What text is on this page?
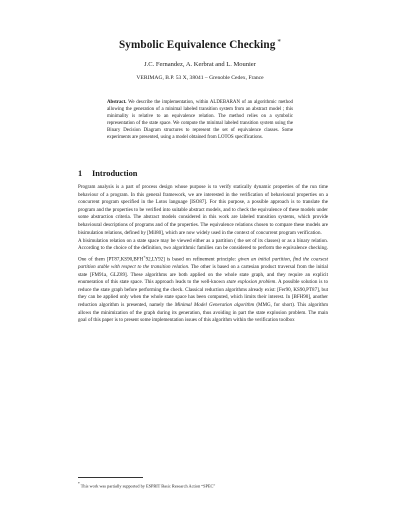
Symbolic Equivalence Checking *
J.C. Fernandez, A. Kerbrat and L. Mounier
VERIMAG, B.P. 53 X, 38041 – Grenoble Cedex, France
Abstract. We describe the implementation, within ALDEBARAN of an algorithmic method allowing the generation of a minimal labeled transition system from an abstract model ; this minimality is relative to an equivalence relation. The method relies on a symbolic representation of the state space. We compute the minimal labeled transition system using the Binary Decision Diagram structures to represent the set of equivalence classes. Some experiments are presented, using a model obtained from LOTOS specifications.
1 Introduction

Program analysis is a part of process design whose purpose is to verify statically dynamic properties of the run time behaviour of a program. In this general framework, we are interested in the verification of behavioural properties on a concurrent program specified in the Lotos language [ISO87]. For this purpose, a possible approach is to translate the program and the properties to be verified into suitable abstract models, and to check the equivalence of these models under some abstraction criteria. The abstract models considered in this work are labeled transition systems, which provide behavioural descriptions of programs and of the properties. The equivalence relations chosen to compare these models are bisimulation relations, defined by [Mil80], which are now widely used in the context of concurrent program verification.

A bisimulation relation on a state space may be viewed either as a partition ( the set of its classes) or as a binary relation. According to the choice of the definition, two algorithmic families can be considered to perform the equivalence checking. One of them [PT87,KS90,BFH+92,LY92] is based on refinement principle: given an initial partition, find the coarsest partition stable with respect to the transition relation. The other is based on a cartesian product traversal from the initial state [FM91a, GLZ89]. These algorithms are both applied on the whole state graph, and they require an explicit enumeration of this state space. This approach leads to the well-known state explosion problem. A possible solution is to reduce the state graph before performing the check. Classical reduction algorithms already exist: [Fer90, KS90,PT87], but they can be applied only when the whole state space has been computed, which limits their interest. In [BFH90], another reduction algorithm is presented, namely the Minimal Model Generation algorithm (MMG, for short). This algorithm allows the minimization of the graph during its generation, thus avoiding in part the state explosion problem. The main goal of this paper is to present some implementation issues of this algorithm within the verification toolbox

* This work was partially supported by ESPRIT Basic Research Action “SPEC”
